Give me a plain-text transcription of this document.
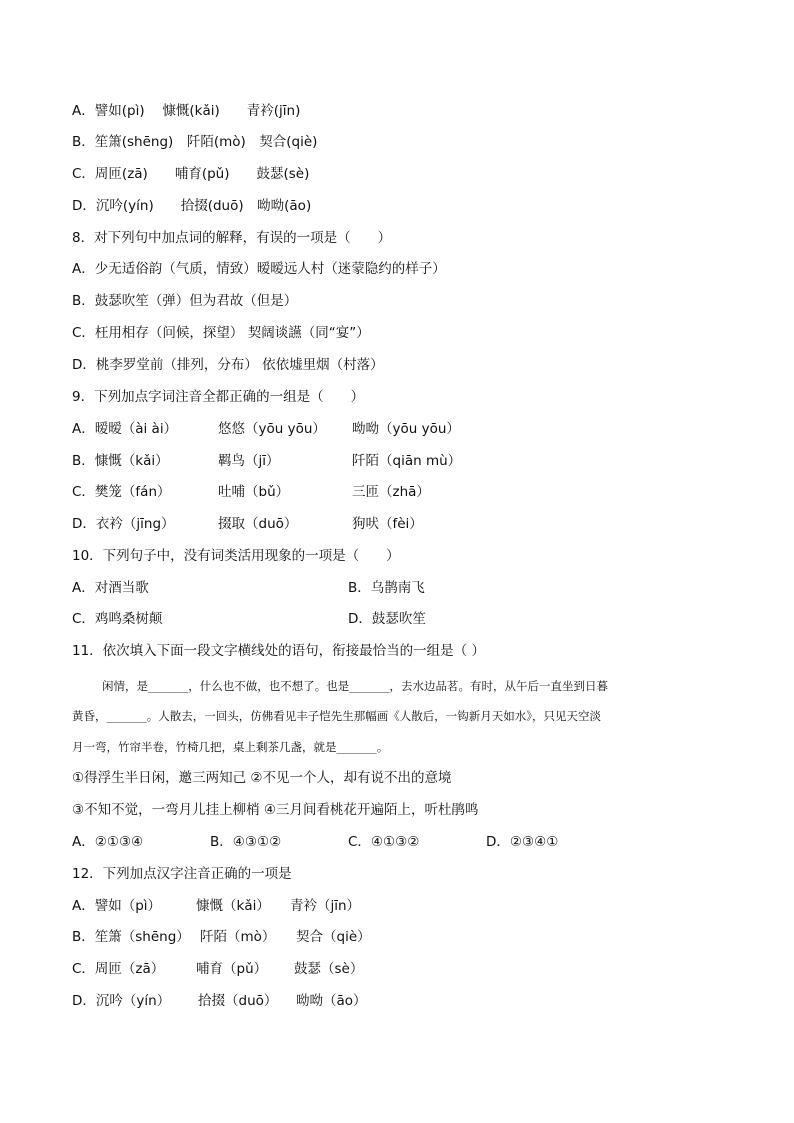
A．譬如(pì)　 慷慨(kǎi)　　青衿(jīn)
B．笙箫(shēng)　阡陌(mò)　契合(qiè)
C．周匝(zā)　　哺育(pǔ)　　鼓瑟(sè)
D．沉吟(yín)　　拾掇(duō)　呦呦(āo)
8．对下列句中加点词的解释，有误的一项是（　　）
A．少无适俗韵（气质，情致）暧暧远人村（迷蒙隐约的样子）
B．鼓瑟吹笙（弹）但为君故（但是）
C．枉用相存（问候，探望） 契阔谈讌（同“宴”）
D．桃李罗堂前（排列，分布） 依依墟里烟（村落）
9．下列加点字词注音全都正确的一组是（　　）
A．暧暧（ài ài）	悠悠（yōu yōu） 呦呦（yōu yōu）
B．慷慨（kǎi）	羁鸟（jī）	阡陌（qiān mù）
C．樊笼（fán）	吐哺（bǔ）	三匝（zhā）
D．衣衿（jīng）	掇取（duō）	狗吠（fèi）
10．下列句子中，没有词类活用现象的一项是（　　）
A．对酒当歌	B．乌鹊南飞
C．鸡鸣桑树颠	D．鼓瑟吹笙
11．依次填入下面一段文字横线处的语句，衔接最恰当的一组是（ ）
闲情，是_______，什么也不做，也不想了。也是_______，去水边品茗。有时，从午后一直坐到日暮
黄昏，_______。人散去，一回头，仿佛看见丰子恺先生那幅画《人散后，一钩新月天如水》，只见天空淡
月一弯，竹帘半卷，竹椅几把，桌上剩茶几盏，就是_______。
①得浮生半日闲，邀三两知己 ②不见一个人，却有说不出的意境
③不知不觉，一弯月儿挂上柳梢 ④三月间看桃花开遍陌上，听杜鹃鸣
A．②①③④	B．④③①②	C．④①③②	D．②③④①
12．下列加点汉字注音正确的一项是
A．譬如（pì）	慷慨（kǎi） 青衿（jīn）
B．笙箫（shēng） 阡陌（mò） 契合（qiè）
C．周匝（zā） 哺育（pǔ） 鼓瑟（sè）
D．沉吟（yín） 拾掇（duō） 呦呦（āo）
